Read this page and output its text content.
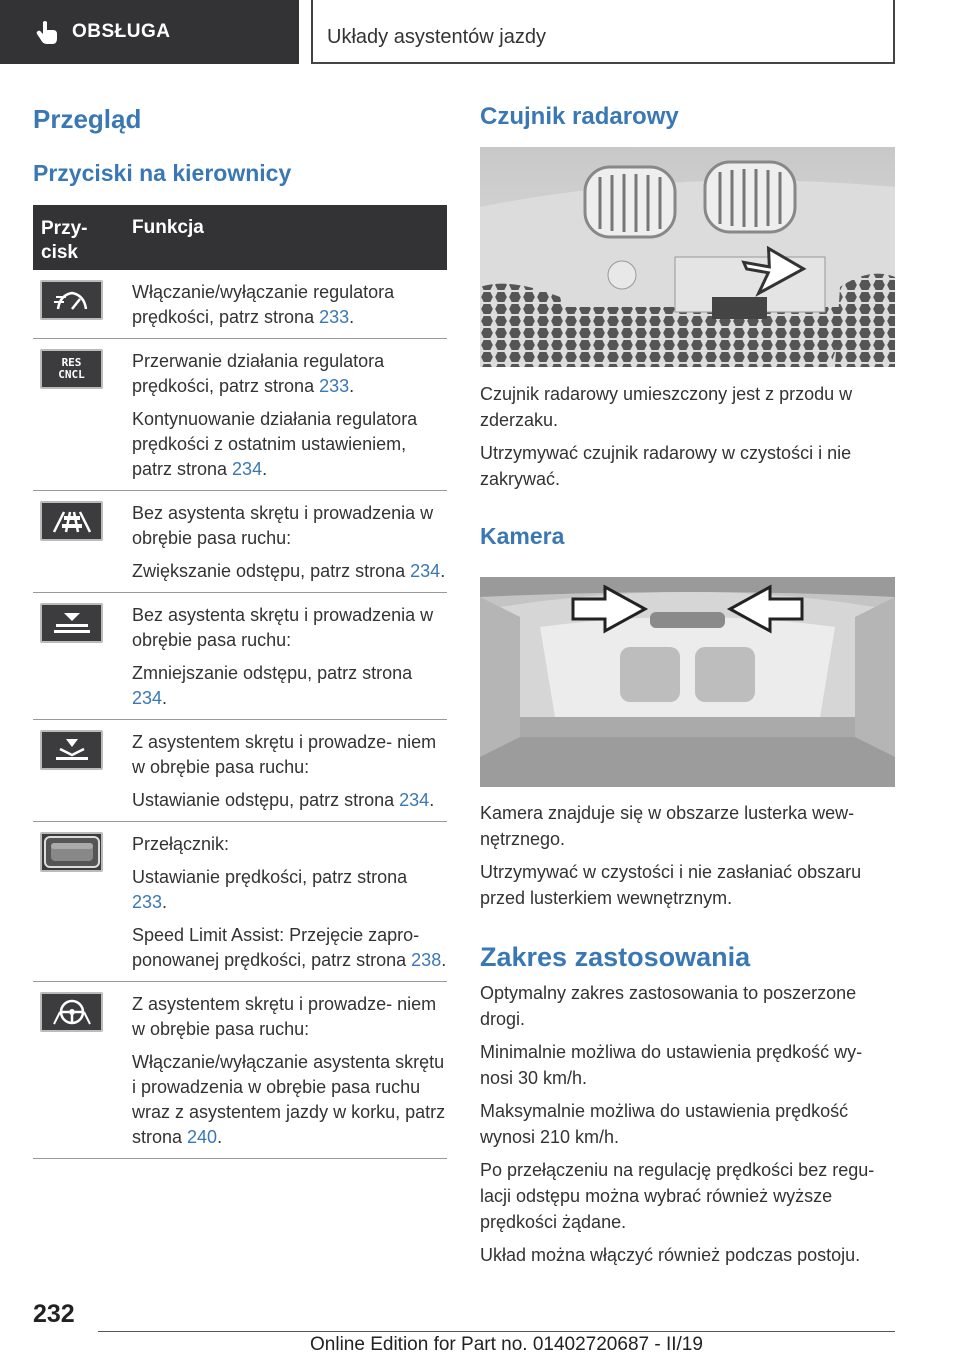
OBSŁUGA	Układy asystentów jazdy
Przegląd
Przyciski na kierownicy
Przy-
cisk
Funkcja

Włączanie/wyłączanie regulatora prędkości, patrz strona 233.

RES
CNCL

Przerwanie działania regulatora prędkości, patrz strona 233.

Kontynuowanie działania regulatora prędkości z ostatnim ustawieniem, patrz strona 234.

Bez asystenta skrętu i prowadzenia w obrębie pasa ruchu:

Zwiększanie odstępu, patrz strona 234.

Bez asystenta skrętu i prowadzenia w obrębie pasa ruchu:

Zmniejszanie odstępu, patrz strona 234.

Z asystentem skrętu i prowadze- niem w obrębie pasa ruchu:

Ustawianie odstępu, patrz strona 234.

Przełącznik:

Ustawianie prędkości, patrz strona 233.

Speed Limit Assist: Przejęcie zapro- ponowanej prędkości, patrz strona 238.

Z asystentem skrętu i prowadze- niem w obrębie pasa ruchu:

Włączanie/wyłączanie asystenta skrętu i prowadzenia w obrębie pasa ruchu wraz z asystentem jazdy w korku, patrz strona 240.

Czujnik radarowy

Czujnik radarowy umieszczony jest z przodu w zderzaku.

Utrzymywać czujnik radarowy w czystości i nie zakrywać.

Kamera

Kamera znajduje się w obszarze lusterka wew- nętrznego.

Utrzymywać w czystości i nie zasłaniać obszaru przed lusterkiem wewnętrznym.

Zakres zastosowania

Optymalny zakres zastosowania to poszerzone drogi.

Minimalnie możliwa do ustawienia prędkość wy- nosi 30 km/h.

Maksymalnie możliwa do ustawienia prędkość wynosi 210 km/h.

Po przełączeniu na regulację prędkości bez regu- lacji odstępu można wybrać również wyższe prędkości żądane.

Układ można włączyć również podczas postoju.

232
Online Edition for Part no. 01402720687 - II/19
